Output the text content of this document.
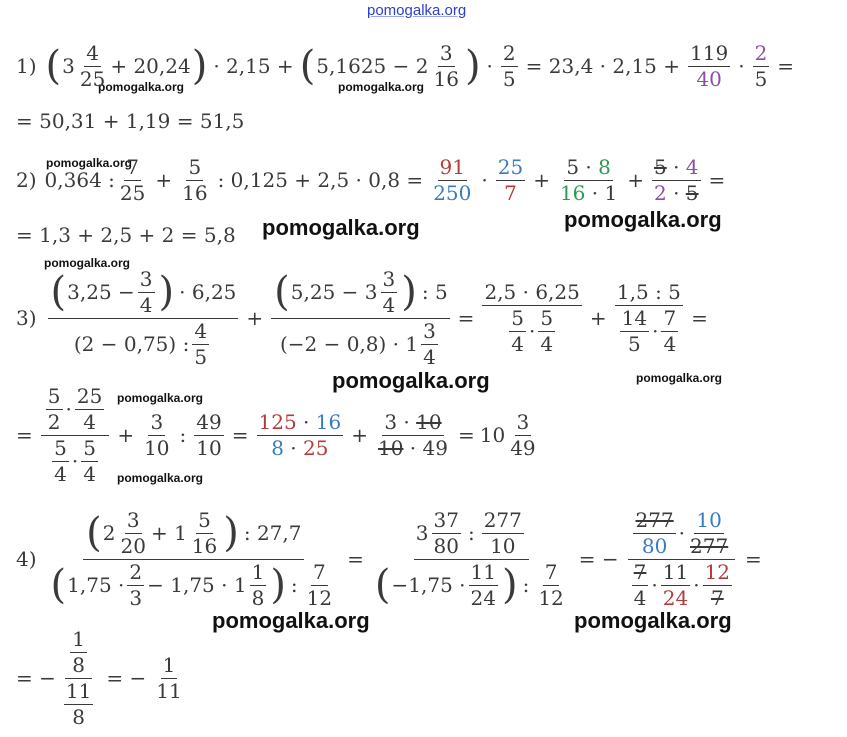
pomogalka.org
pomogalka.org	pomogalka.org
pomogalka.org
pomogalka.org
pomogalka.org
pomogalka.org
pomogalka.org	pomogalka.org
pomogalka.org
pomogalka.org
pomogalka.org	pomogalka.org
1) ( $3 \frac{4}{25} + 20,24$ ) · 2,15 + ( $5,1625 - 2 \frac{3}{16}$ ) · $\frac{2}{5} = 23,4 \cdot 2,15 + \frac{119}{40} \cdot \frac{2}{5}$ =
= 50,31 + 1,19 = 51,5
2) 0,364 : $\frac{7}{25} + \frac{5}{16}$ : $0,125 + 2,5 \cdot 0,8 = \frac{91}{250} \cdot \frac{25}{7} + \frac{5 \cdot 8}{16 \cdot 1} + \frac{5 \cdot 4}{2 \cdot 5}$ =
= 1,3 + 2,5 + 2 = 5,8
$3) \frac{( 3,25 - \frac{3}{4} ) \cdot 6,25}{(2 - 0,75) : \frac{4}{5}} + \frac{( 5,25 - 3 \frac{3}{4} ) : 5}{(-2 - 0,8) \cdot 1 \frac{3}{4}} = \frac{2,5 \cdot 6,25}{\frac{5}{4} \cdot \frac{5}{4}} + \frac{1,5 : 5}{\frac{14}{5} \cdot \frac{7}{4}}$ =
= $\frac{\frac{5}{2} \cdot \frac{25}{4}}{\frac{5}{4} \cdot \frac{5}{4}} + \frac{3}{10}$ : $\frac{49}{10} = \frac{125 \cdot 16}{8 \cdot 25} + \frac{3 \cdot 10}{10 \cdot 49} = 10 \frac{3}{49}$
4)
( $2 \frac{3}{20} + 1 \frac{5}{16}$ ) : 27,7
( $1,75 \cdot \frac{2}{3} - 1,75 \cdot 1 \frac{1}{8}$ ) : $\frac{7}{12}$
= $\frac{3 \frac{37}{80} : \frac{277}{10}}{( -1,75 \cdot \frac{11}{24} ) : \frac{7}{12}}$ = − $\frac{\frac{277}{80} \cdot \frac{10}{277}}{\frac{7}{4} \cdot \frac{11}{24} \cdot \frac{12}{7}}$ =
= − $\frac{\frac{1}{8}}{\frac{11}{8}}$ = − $\frac{1}{11}$
